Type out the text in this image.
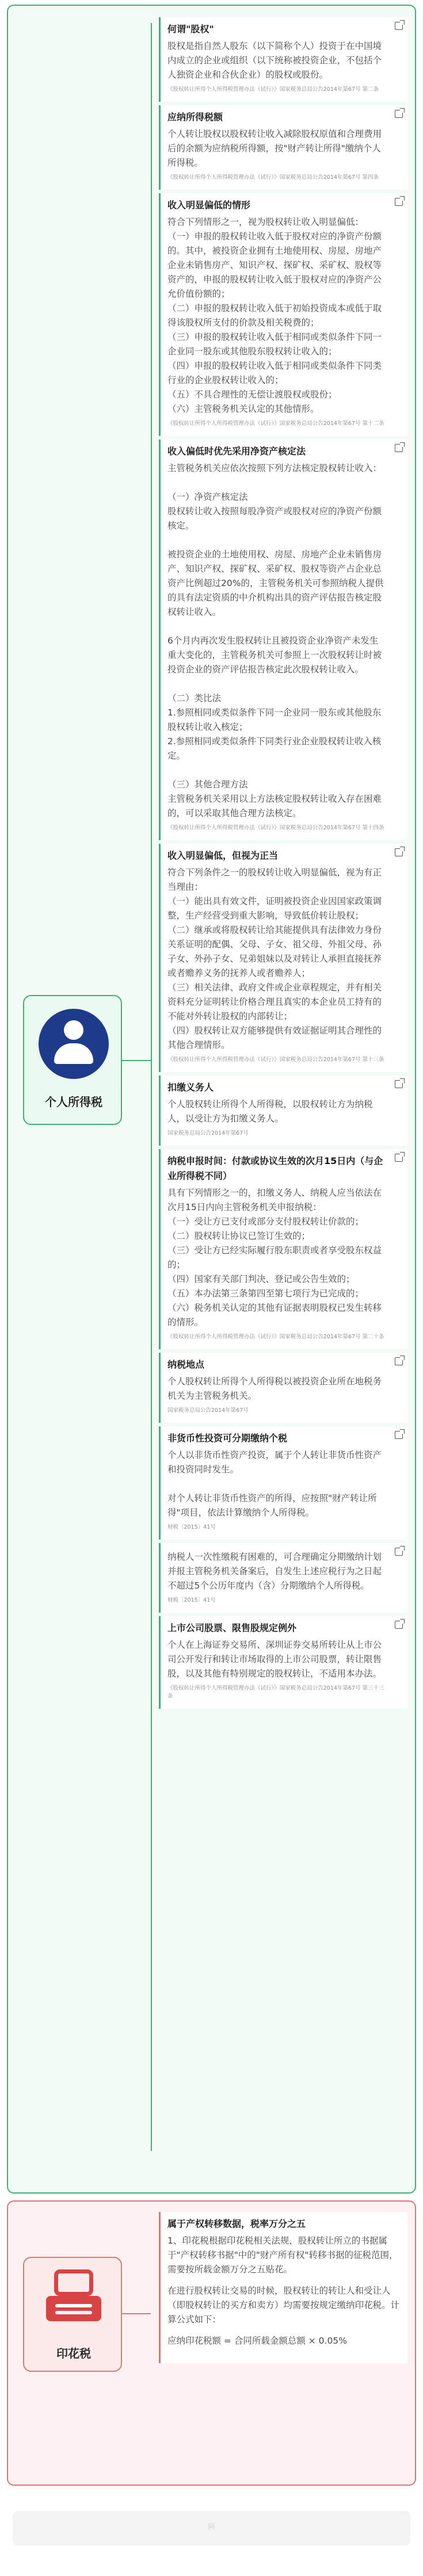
个人所得税
何谓"股权"
股权是指自然人股东（以下简称个人）投资于在中国境内成立的企业或组织（以下统称被投资企业，不包括个人独资企业和合伙企业）的股权或股份。
《股权转让所得个人所得税管理办法（试行）》国家税务总局公告2014年第67号 第二条
应纳所得税额
个人转让股权以股权转让收入减除股权原值和合理费用后的余额为应纳税所得额，按"财产转让所得"缴纳个人所得税。
《股权转让所得个人所得税管理办法（试行）》国家税务总局公告2014年第67号 第四条
收入明显偏低的情形
符合下列情形之一，视为股权转让收入明显偏低：
（一）申报的股权转让收入低于股权对应的净资产份额的。其中，被投资企业拥有土地使用权、房屋、房地产企业未销售房产、知识产权、探矿权、采矿权、股权等资产的，申报的股权转让收入低于股权对应的净资产公允价值份额的；
（二）申报的股权转让收入低于初始投资成本或低于取得该股权所支付的价款及相关税费的；
（三）申报的股权转让收入低于相同或类似条件下同一企业同一股东或其他股东股权转让收入的；
（四）申报的股权转让收入低于相同或类似条件下同类行业的企业股权转让收入的；
（五）不具合理性的无偿让渡股权或股份；
（六）主管税务机关认定的其他情形。
《股权转让所得个人所得税管理办法（试行）》国家税务总局公告2014年第67号 第十二条
收入偏低时优先采用净资产核定法
主管税务机关应依次按照下列方法核定股权转让收入：

（一）净资产核定法
股权转让收入按照每股净资产或股权对应的净资产份额核定。

被投资企业的土地使用权、房屋、房地产企业未销售房产、知识产权、探矿权、采矿权、股权等资产占企业总资产比例超过20%的，主管税务机关可参照纳税人提供的具有法定资质的中介机构出具的资产评估报告核定股权转让收入。

6个月内再次发生股权转让且被投资企业净资产未发生重大变化的，主管税务机关可参照上一次股权转让时被投资企业的资产评估报告核定此次股权转让收入。

（二）类比法
1.参照相同或类似条件下同一企业同一股东或其他股东股权转让收入核定；
2.参照相同或类似条件下同类行业企业股权转让收入核定。

（三）其他合理方法
主管税务机关采用以上方法核定股权转让收入存在困难的，可以采取其他合理方法核定。
《股权转让所得个人所得税管理办法（试行）》国家税务总局公告2014年第67号 第十四条
收入明显偏低，但视为正当
符合下列条件之一的股权转让收入明显偏低，视为有正当理由：
（一）能出具有效文件，证明被投资企业因国家政策调整，生产经营受到重大影响，导致低价转让股权；
（二）继承或将股权转让给其能提供具有法律效力身份关系证明的配偶、父母、子女、祖父母、外祖父母、孙子女、外孙子女、兄弟姐妹以及对转让人承担直接抚养或者赡养义务的抚养人或者赡养人；
（三）相关法律、政府文件或企业章程规定，并有相关资料充分证明转让价格合理且真实的本企业员工持有的不能对外转让股权的内部转让；
（四）股权转让双方能够提供有效证据证明其合理性的其他合理情形。
《股权转让所得个人所得税管理办法（试行）》国家税务总局公告2014年第67号 第十三条
扣缴义务人
个人股权转让所得个人所得税，以股权转让方为纳税人，以受让方为扣缴义务人。
国家税务总局公告2014年第67号
纳税申报时间：付款或协议生效的次月15日内（与企业所得税不同）
具有下列情形之一的，扣缴义务人、纳税人应当依法在次月15日内向主管税务机关申报纳税：
（一）受让方已支付或部分支付股权转让价款的；
（二）股权转让协议已签订生效的；
（三）受让方已经实际履行股东职责或者享受股东权益的；
（四）国家有关部门判决、登记或公告生效的；
（五）本办法第三条第四至第七项行为已完成的；
（六）税务机关认定的其他有证据表明股权已发生转移的情形。
《股权转让所得个人所得税管理办法（试行）》国家税务总局公告2014年第67号 第二十条
纳税地点
个人股权转让所得个人所得税以被投资企业所在地税务机关为主管税务机关。
国家税务总局公告2014年第67号
非货币性投资可分期缴纳个税
个人以非货币性资产投资，属于个人转让非货币性资产和投资同时发生。

对个人转让非货币性资产的所得，应按照"财产转让所得"项目，依法计算缴纳个人所得税。
财税〔2015〕41号
纳税人一次性缴税有困难的，可合理确定分期缴纳计划并报主管税务机关备案后，自发生上述应税行为之日起不超过5个公历年度内（含）分期缴纳个人所得税。
财税〔2015〕41号
上市公司股票、限售股规定例外
个人在上海证券交易所、深圳证券交易所转让从上市公司公开发行和转让市场取得的上市公司股票，转让限售股，以及其他有特别规定的股权转让，不适用本办法。
《股权转让所得个人所得税管理办法（试行）》国家税务总局公告2014年第67号 第三十三条
印花税
属于产权转移数据，税率万分之五
1、印花税根据印花税相关法规，股权转让所立的书据属于"产权转移书据"中的"财产所有权"转移书据的征税范围，需要按所载金额万分之五贴花。
在进行股权转让交易的时候，股权转让的转让人和受让人（即股权转让的买方和卖方）均需要按规定缴纳印花税。计算公式如下：
应纳印花税额 = 合同所载金额总额 × 0.05%
阿
